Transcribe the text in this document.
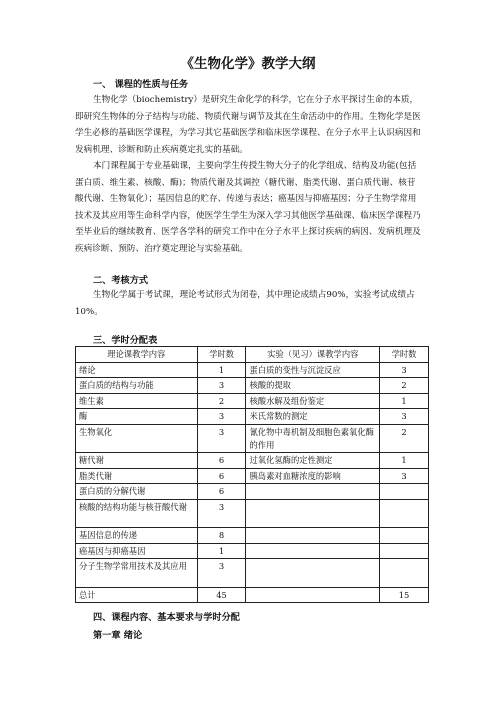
《生物化学》教学大纲
一、 课程的性质与任务

生物化学（biochemistry）是研究生命化学的科学，它在分子水平探讨生命的本质，即研究生物体的分子结构与功能、物质代谢与调节及其在生命活动中的作用。生物化学是医学生必修的基础医学课程，为学习其它基础医学和临床医学课程、在分子水平上认识病因和发病机理、诊断和防止疾病奠定扎实的基础。

本门课程属于专业基础课，主要向学生传授生物大分子的化学组成、结构及功能(包括蛋白质、维生素、核酸、酶)；物质代谢及其调控（糖代谢、脂类代谢、蛋白质代谢、核苷酸代谢、生物氧化）；基因信息的贮存、传递与表达；癌基因与抑癌基因；分子生物学常用技术及其应用等生命科学内容，使医学生学生为深入学习其他医学基础课、临床医学课程乃至毕业后的继续教育、医学各学科的研究工作中在分子水平上探讨疾病的病因、发病机理及疾病诊断、预防、治疗奠定理论与实验基础。

二、考核方式

生物化学属于考试课，理论考试形式为闭卷，其中理论成绩占90%，实验考试成绩占10%。

三、学时分配表
理论课教学内容	学时数	实验（见习）课教学内容	学时数
绪论	1	蛋白质的变性与沉淀反应	3
蛋白质的结构与功能	3	核酸的提取	2
维生素	2	核酸水解及组份鉴定	1
酶	3	米氏常数的测定	3
生物氧化	3	氰化物中毒机制及细胞色素氧化酶的作用	2
糖代谢	6	过氧化氢酶的定性测定	1
脂类代谢	6	胰岛素对血糖浓度的影响	3
蛋白质的分解代谢	6		
核酸的结构功能与核苷酸代谢	3		
基因信息的传递	8		
癌基因与抑癌基因	1		
分子生物学常用技术及其应用	3		
总计	45		15
四、课程内容、基本要求与学时分配
第一章 绪论
